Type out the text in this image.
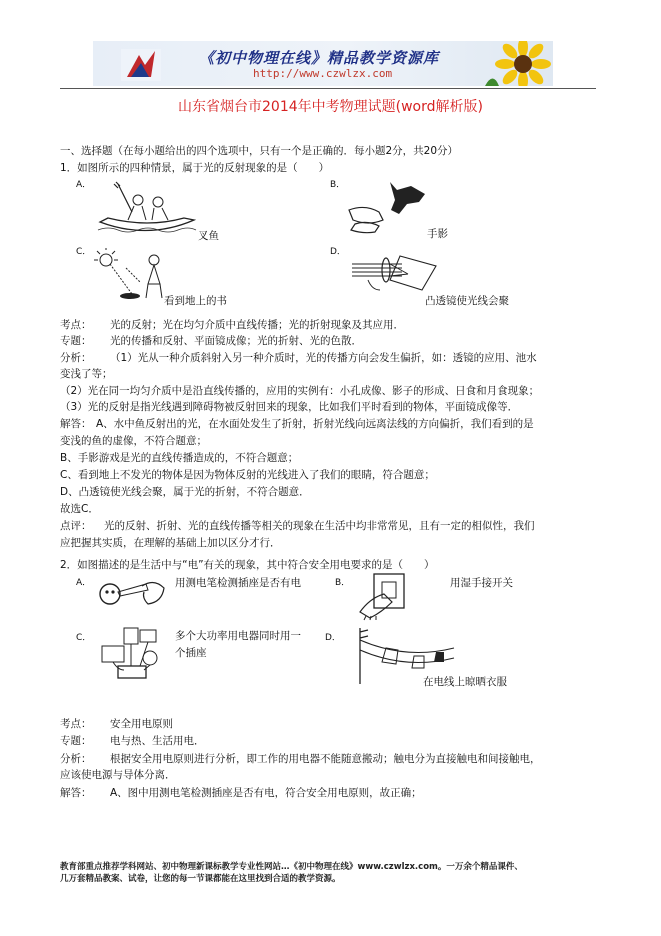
《初中物理在线》精品教学资源库
http://www.czwlzx.com
山东省烟台市2014年中考物理试题(word解析版)
一、选择题（在每小题给出的四个选项中，只有一个是正确的．每小题2分，共20分）
1．如图所示的四种情景，属于光的反射现象的是（　　）
A．	B．
叉鱼	手影
C．	D．
看到地上的书	凸透镜使光线会聚
考点： 光的反射；光在均匀介质中直线传播；光的折射现象及其应用．
专题： 光的传播和反射、平面镜成像；光的折射、光的色散．
分析： （1）光从一种介质斜射入另一种介质时，光的传播方向会发生偏折，如：透镜的应用、池水
变浅了等；
（2）光在同一均匀介质中是沿直线传播的，应用的实例有：小孔成像、影子的形成、日食和月食现象；
（3）光的反射是指光线遇到障碍物被反射回来的现象，比如我们平时看到的物体，平面镜成像等．
解答： A、水中鱼反射出的光，在水面处发生了折射，折射光线向远离法线的方向偏折，我们看到的是
变浅的鱼的虚像，不符合题意；
B、手影游戏是光的直线传播造成的，不符合题意；
C、看到地上不发光的物体是因为物体反射的光线进入了我们的眼睛，符合题意；
D、凸透镜使光线会聚，属于光的折射，不符合题意．
故选C．
点评： 光的反射、折射、光的直线传播等相关的现象在生活中均非常常见，且有一定的相似性，我们
应把握其实质，在理解的基础上加以区分才行．
2．如图描述的是生活中与“电”有关的现象，其中符合安全用电要求的是（　　）
A．	用测电笔检测插座是否有电	B．	用湿手接开关
C．	多个大功率用电器同时用一
个插座
D．
在电线上晾晒衣服
考点： 安全用电原则
专题： 电与热、生活用电．
分析： 根据安全用电原则进行分析，即工作的用电器不能随意搬动；触电分为直接触电和间接触电，
应该使电源与导体分离．
解答： A、图中用测电笔检测插座是否有电，符合安全用电原则，故正确；
教育部重点推荐学科网站、初中物理新课标教学专业性网站…《初中物理在线》www.czwlzx.com。一万余个精品课件、
几万套精品教案、试卷，让您的每一节课都能在这里找到合适的教学资源。
